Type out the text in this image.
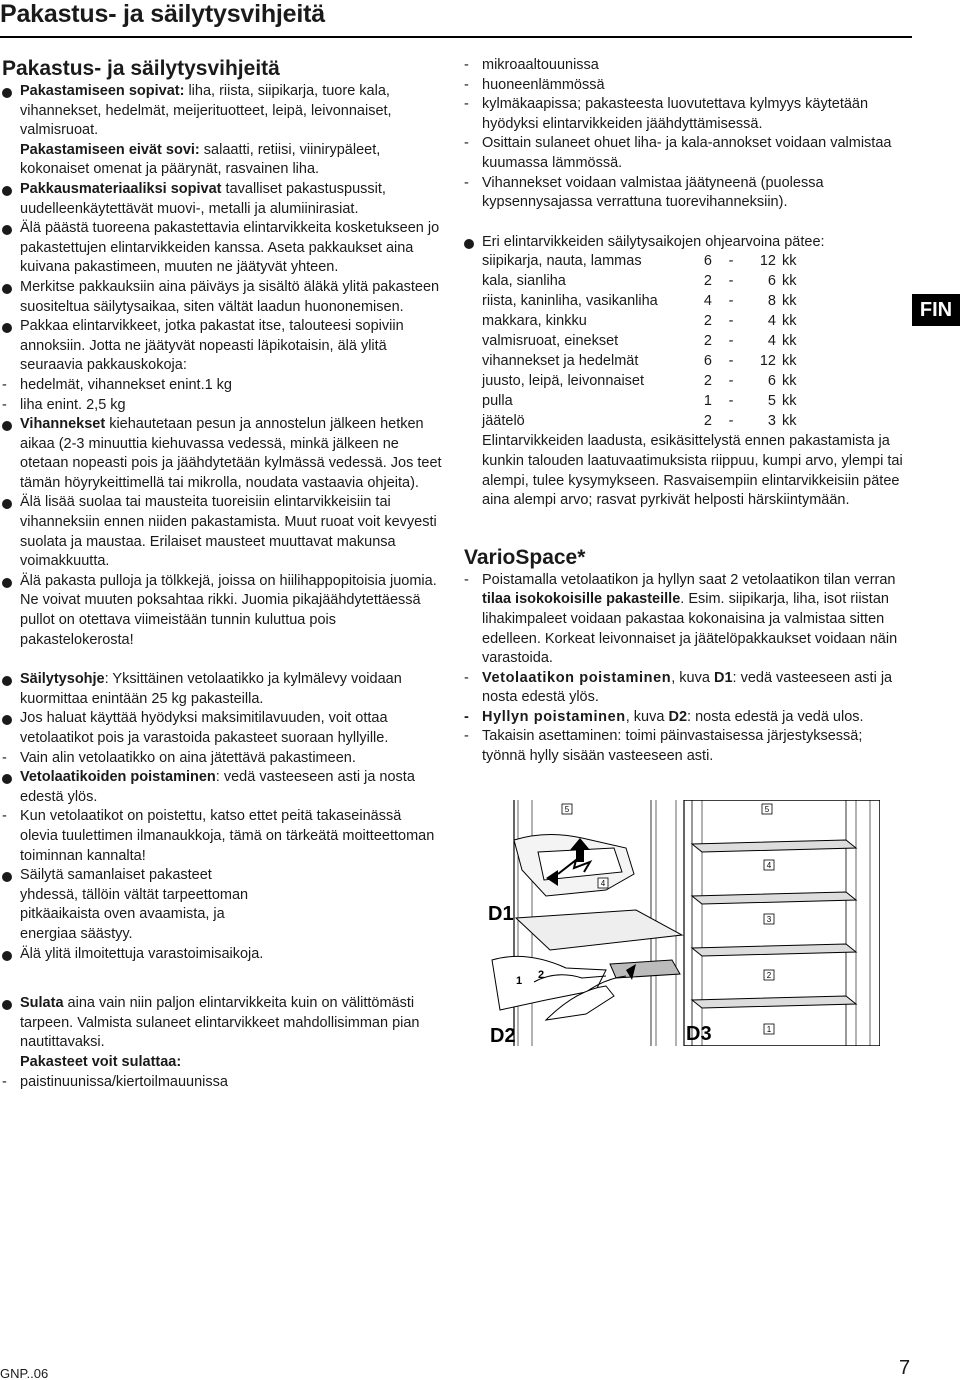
Pakastus- ja säilytysvihjeitä
FIN
Pakastus- ja säilytysvihjeitä
Pakastamiseen sopivat: liha, riista, siipikarja, tuore kala, vihannekset, hedelmät, meijerituotteet, leipä, leivonnaiset, valmisruoat.
Pakastamiseen eivät sovi: salaatti, retiisi, viinirypäleet, kokonaiset omenat ja päärynät, rasvainen liha.
Pakkausmateriaaliksi sopivat tavalliset pakastuspussit, uudelleenkäytettävät muovi-, metalli ja alumiinirasiat.
Älä päästä tuoreena pakastettavia elintarvikkeita kosketukseen jo pakastettujen elintarvikkeiden kanssa. Aseta pakkaukset aina kuivana pakastimeen, muuten ne jäätyvät yhteen.
Merkitse pakkauksiin aina päiväys ja sisältö äläkä ylitä pakasteen suositeltua säilytysaikaa, siten vältät laadun huononemisen.
Pakkaa elintarvikkeet, jotka pakastat itse, talouteesi sopiviin annoksiin. Jotta ne jäätyvät nopeasti läpikotaisin, älä ylitä seuraavia pakkauskokoja:
- hedelmät, vihannekset enint.1 kg
- liha enint. 2,5 kg
Vihannekset kiehautetaan pesun ja annostelun jälkeen hetken aikaa (2-3 minuuttia kiehuvassa vedessä, minkä jälkeen ne otetaan nopeasti pois ja jäähdytetään kylmässä vedessä. Jos teet tämän höyrykeittimellä tai mikrolla, noudata vastaavia ohjeita).
Älä lisää suolaa tai mausteita tuoreisiin elintarvikkeisiin tai vihanneksiin ennen niiden pakastamista. Muut ruoat voit kevyesti suolata ja maustaa. Erilaiset mausteet muuttavat makunsa voimakkuutta.
Älä pakasta pulloja ja tölkkejä, joissa on hiilihappopitoisia juomia. Ne voivat muuten poksahtaa rikki. Juomia pikajäähdytettäessä pullot on otettava viimeistään tunnin kuluttua pois pakastelokerosta!
Säilytysohje: Yksittäinen vetolaatikko ja kylmälevy voidaan kuormittaa enintään 25 kg pakasteilla.
Jos haluat käyttää hyödyksi maksimitilavuuden, voit ottaa vetolaatikot pois ja varastoida pakasteet suoraan hyllyille.
- Vain alin vetolaatikko on aina jätettävä pakastimeen.
Vetolaatikoiden poistaminen: vedä vasteeseen asti ja nosta edestä ylös.
- Kun vetolaatikot on poistettu, katso ettet peitä takaseinässä olevia tuulettimen ilmanaukkoja, tämä on tärkeätä moitteettoman toiminnan kannalta!
Säilytä samanlaiset pakasteet yhdessä, tällöin vältät tarpeettoman pitkäaikaista oven avaamista, ja energiaa säästyy.
Älä ylitä ilmoitettuja varastoimisaikoja.
Sulata aina vain niin paljon elintarvikkeita kuin on välittömästi tarpeen. Valmista sulaneet elintarvikkeet mahdollisimman pian nautittavaksi.
Pakasteet voit sulattaa:
- paistinuunissa/kiertoilmauunissa
- mikroaaltouunissa
- huoneenlämmössä
- kylmäkaapissa; pakasteesta luovutettava kylmyys käytetään hyödyksi elintarvikkeiden jäähdyttämisessä.
- Osittain sulaneet ohuet liha- ja kala-annokset voidaan valmistaa kuumassa lämmössä.
- Vihannekset voidaan valmistaa jäätyneenä (puolessa kypsennysajassa verrattuna tuorevihanneksiin).
Eri elintarvikkeiden säilytysaikojen ohjearvoina pätee:
siipikarja, nauta, lammas	6	-	12	kk
kala, sianliha	2	-	6	kk
riista, kaninliha, vasikanliha	4	-	8	kk
makkara, kinkku	2	-	4	kk
valmisruoat, einekset	2	-	4	kk
vihannekset ja hedelmät	6	-	12	kk
juusto, leipä, leivonnaiset	2	-	6	kk
pulla	1	-	5	kk
jäätelö	2	-	3	kk
Elintarvikkeiden laadusta, esikäsittelystä ennen pakastamista ja kunkin talouden laatuvaatimuksista riippuu, kumpi arvo, ylempi tai alempi, tulee kysymykseen. Rasvaisempiin elintarvikkeisiin pätee aina alempi arvo; rasvat pyrkivät helposti härskiintymään.
VarioSpace*
- Poistamalla vetolaatikon ja hyllyn saat 2 vetolaatikon tilan verran tilaa isokokoisille pakasteille. Esim. siipikarja, liha, isot riistan lihakimpaleet voidaan pakastaa kokonaisina ja valmistaa sitten edelleen. Korkeat leivonnaiset ja jäätelöpakkaukset voidaan näin varastoida.
- Vetolaatikon poistaminen, kuva D1: vedä vasteeseen asti ja nosta edestä ylös.
- Hyllyn poistaminen, kuva D2: nosta edestä ja vedä ulos.
- Takaisin asettaminen: toimi päinvastaisessa järjestyksessä; työnnä hylly sisään vasteeseen asti.
5
4
5
4
3
2
1
1 2
D1
D2	D3
GNP..06	7
